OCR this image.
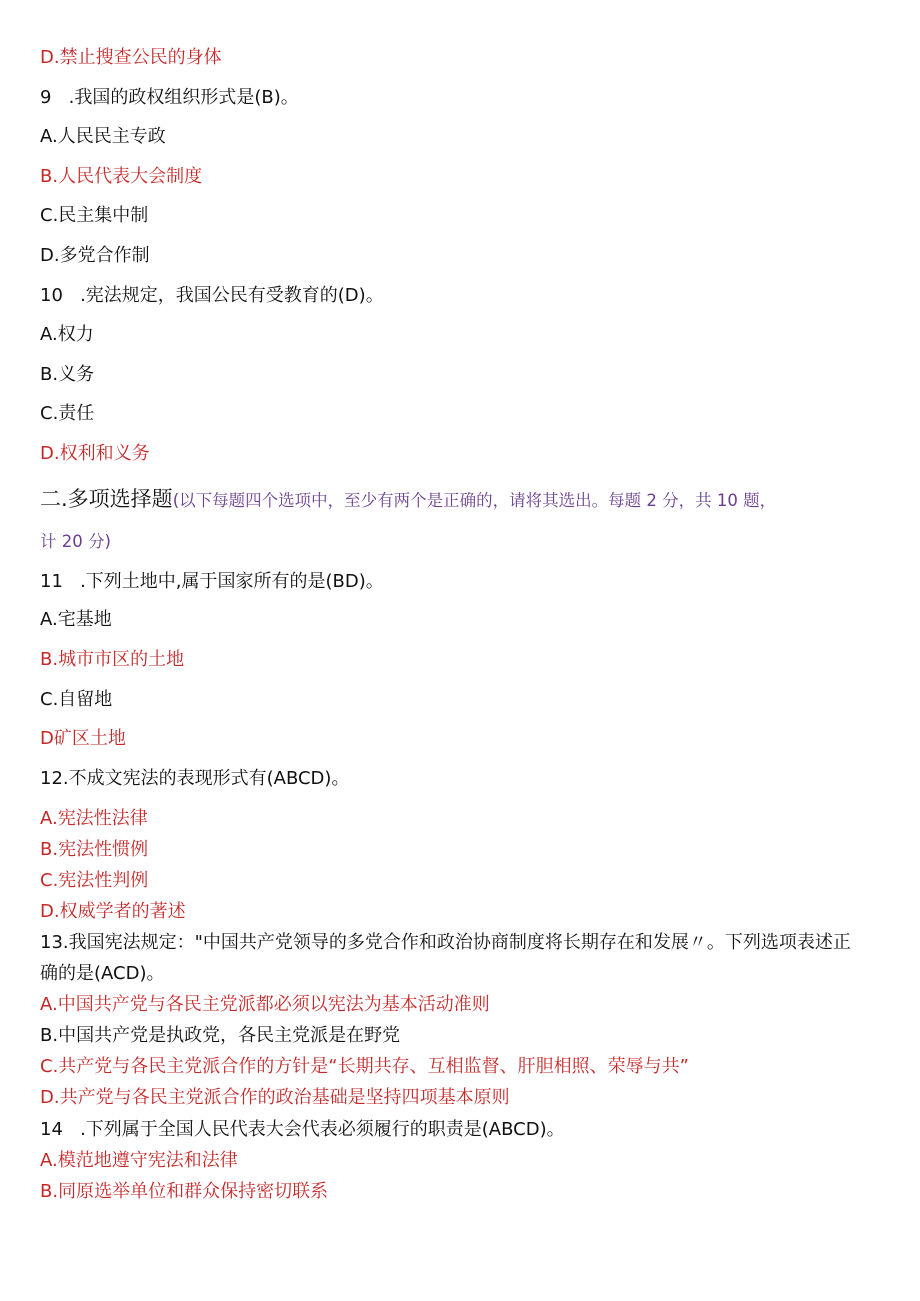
D.禁止搜查公民的身体
9   .我国的政权组织形式是(B)。
A.人民民主专政
B.人民代表大会制度
C.民主集中制
D.多党合作制
10   .宪法规定，我国公民有受教育的(D)。
A.权力
B.义务
C.责任
D.权利和义务
二.多项选择题(以下每题四个选项中，至少有两个是正确的，请将其选出。每题 2 分，共 10 题，
计 20 分)
11   .下列土地中,属于国家所有的是(BD)。
A.宅基地
B.城市市区的土地
C.自留地
D矿区土地
12.不成文宪法的表现形式有(ABCD)。
A.宪法性法律
B.宪法性惯例
C.宪法性判例
D.权威学者的著述
13.我国宪法规定："中国共产党领导的多党合作和政治协商制度将长期存在和发展〃。下列选项表述正
确的是(ACD)。
A.中国共产党与各民主党派都必须以宪法为基本活动准则
B.中国共产党是执政党，各民主党派是在野党
C.共产党与各民主党派合作的方针是“长期共存、互相监督、肝胆相照、荣辱与共”
D.共产党与各民主党派合作的政治基础是坚持四项基本原则
14   .下列属于全国人民代表大会代表必须履行的职责是(ABCD)。
A.模范地遵守宪法和法律
B.同原选举单位和群众保持密切联系
